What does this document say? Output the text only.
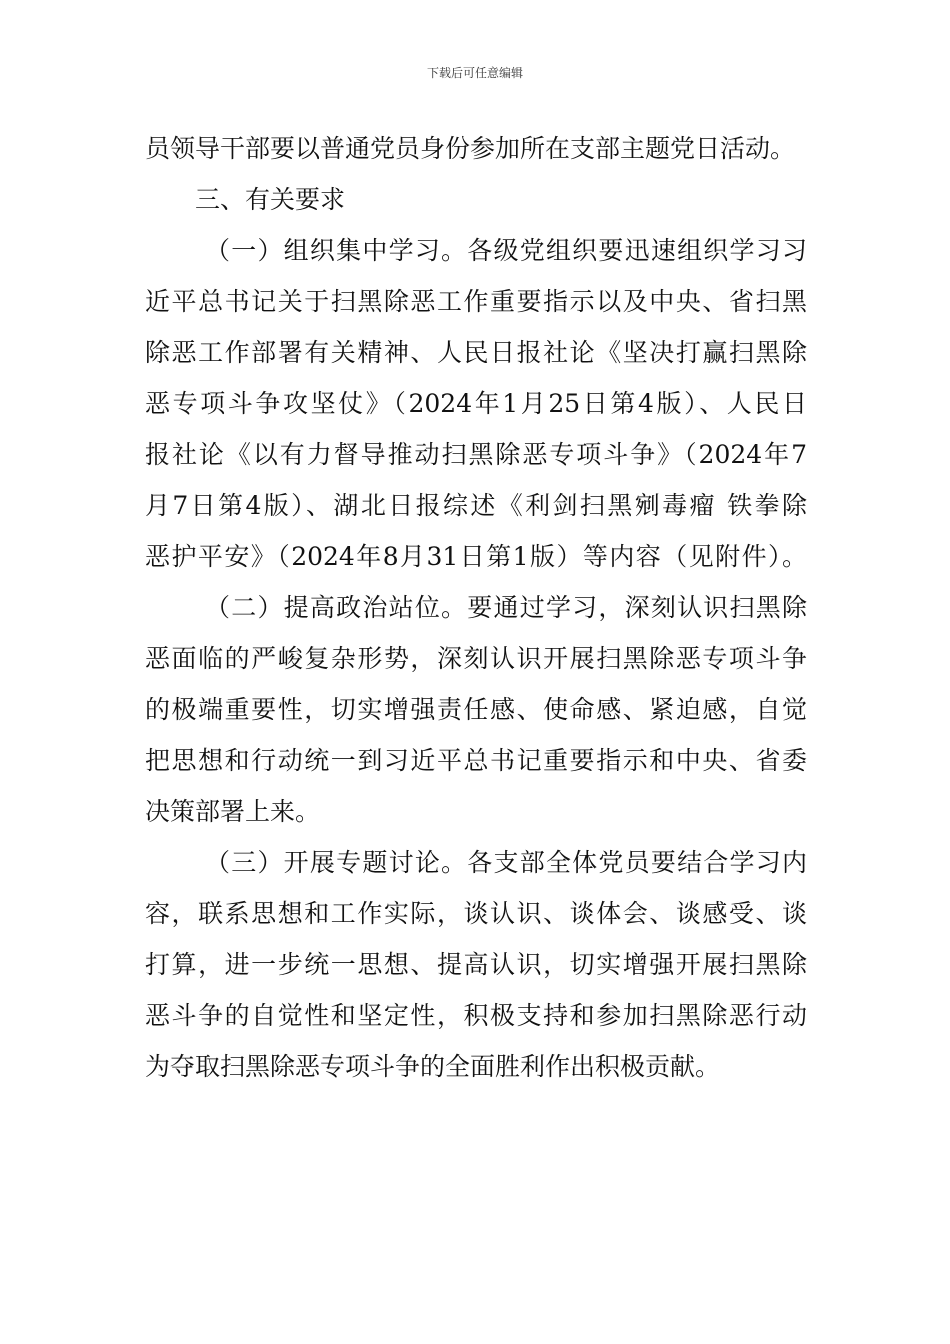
下载后可任意编辑
员领导干部要以普通党员身份参加所在支部主题党日活动。
三、有关要求
（一）组织集中学习。各级党组织要迅速组织学习习
近平总书记关于扫黑除恶工作重要指示以及中央、省扫黑
除恶工作部署有关精神、人民日报社论《坚决打赢扫黑除
恶专项斗争攻坚仗》（2024年1月25日第4版）、人民日
报社论《以有力督导推动扫黑除恶专项斗争》（2024年7
月7日第4版）、湖北日报综述《利剑扫黑剜毒瘤 铁拳除
恶护平安》（2024年8月31日第1版）等内容（见附件）。
（二）提高政治站位。要通过学习，深刻认识扫黑除
恶面临的严峻复杂形势，深刻认识开展扫黑除恶专项斗争
的极端重要性，切实增强责任感、使命感、紧迫感，自觉
把思想和行动统一到习近平总书记重要指示和中央、省委
决策部署上来。
（三）开展专题讨论。各支部全体党员要结合学习内
容，联系思想和工作实际，谈认识、谈体会、谈感受、谈
打算，进一步统一思想、提高认识，切实增强开展扫黑除
恶斗争的自觉性和坚定性，积极支持和参加扫黑除恶行动
为夺取扫黑除恶专项斗争的全面胜利作出积极贡献。
